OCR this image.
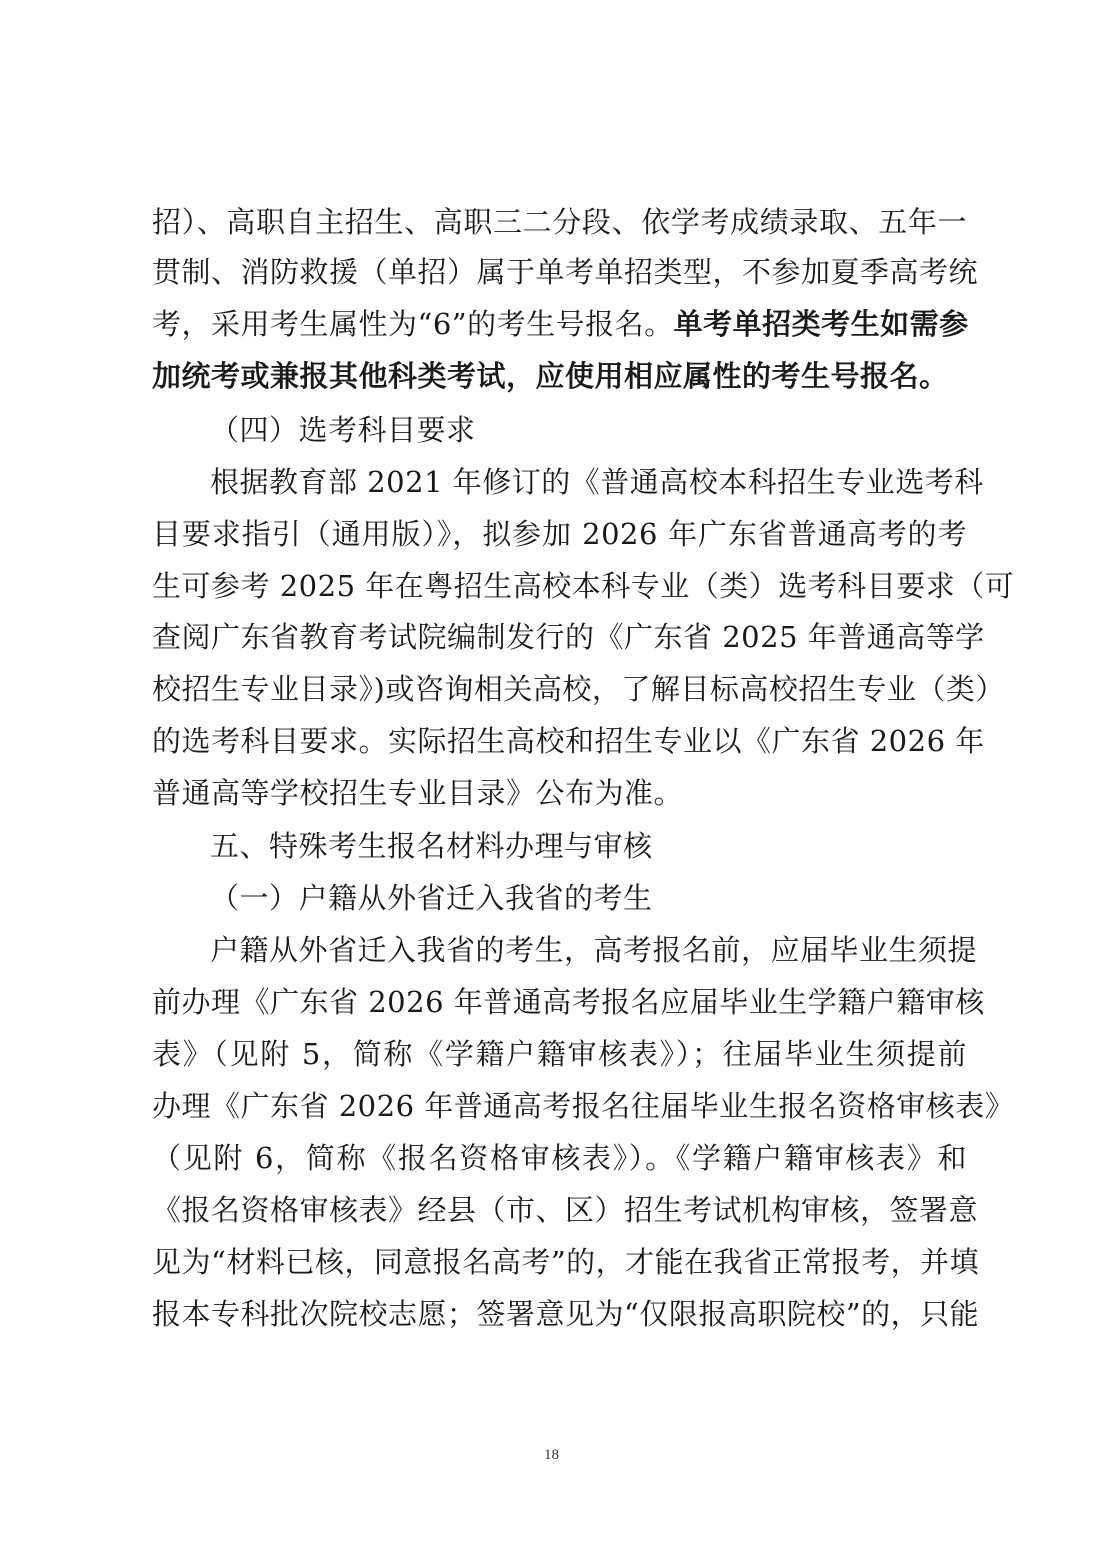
招）、高职自主招生、高职三二分段、依学考成绩录取、五年一
贯制、消防救援（单招）属于单考单招类型，不参加夏季高考统
考，采用考生属性为“6”的考生号报名。单考单招类考生如需参
加统考或兼报其他科类考试，应使用相应属性的考生号报名。
（四）选考科目要求
根据教育部 2021 年修订的《普通高校本科招生专业选考科
目要求指引（通用版）》，拟参加 2026 年广东省普通高考的考
生可参考 2025 年在粤招生高校本科专业（类）选考科目要求（可
查阅广东省教育考试院编制发行的《广东省 2025 年普通高等学
校招生专业目录》)或咨询相关高校，了解目标高校招生专业（类）
的选考科目要求。实际招生高校和招生专业以《广东省 2026 年
普通高等学校招生专业目录》公布为准。
五、特殊考生报名材料办理与审核
（一）户籍从外省迁入我省的考生
户籍从外省迁入我省的考生，高考报名前，应届毕业生须提
前办理《广东省 2026 年普通高考报名应届毕业生学籍户籍审核
表》（见附 5，简称《学籍户籍审核表》）；往届毕业生须提前
办理《广东省 2026 年普通高考报名往届毕业生报名资格审核表》
（见附 6，简称《报名资格审核表》）。《学籍户籍审核表》和
《报名资格审核表》经县（市、区）招生考试机构审核，签署意
见为“材料已核，同意报名高考”的，才能在我省正常报考，并填
报本专科批次院校志愿；签署意见为“仅限报高职院校”的，只能
18
